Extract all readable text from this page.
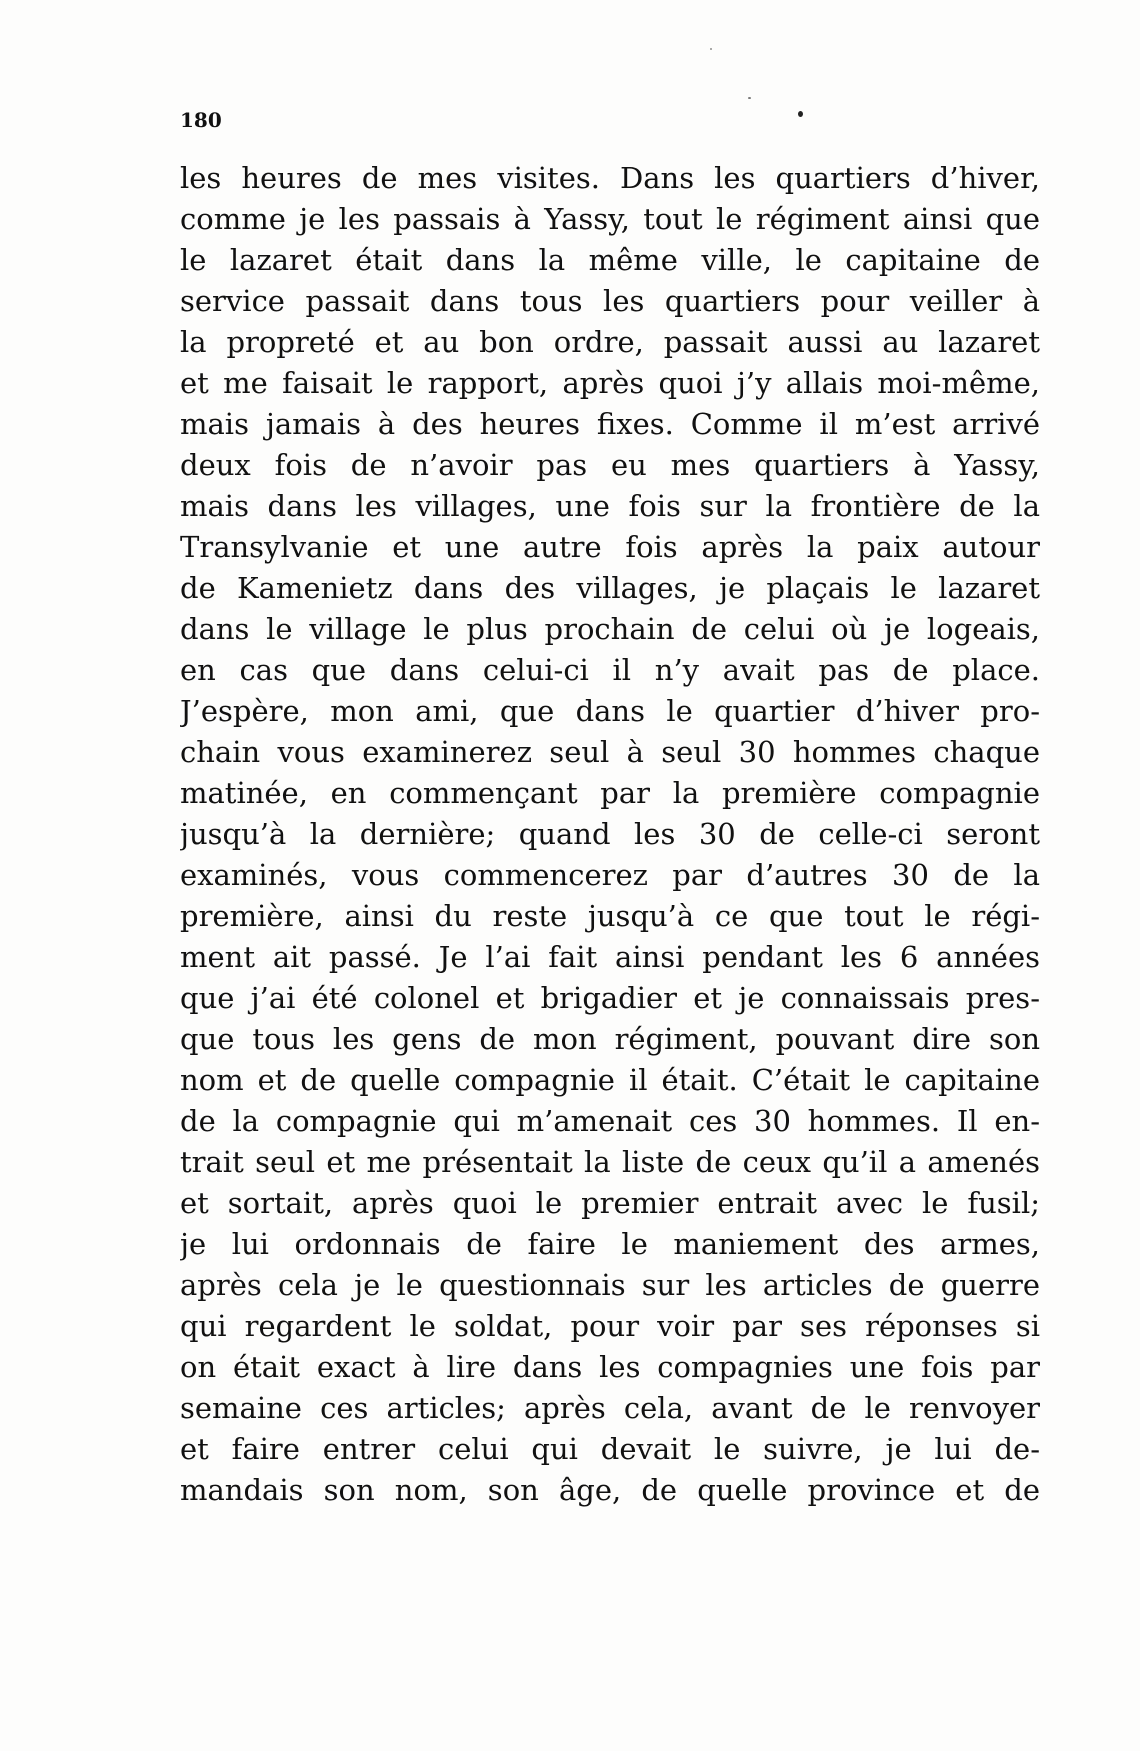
180
les heures de mes visites. Dans les quartiers d’hiver,
comme je les passais à Yassy, tout le régiment ainsi que
le lazaret était dans la même ville, le capitaine de
service passait dans tous les quartiers pour veiller à
la propreté et au bon ordre, passait aussi au lazaret
et me faisait le rapport, après quoi j’y allais moi-même,
mais jamais à des heures fixes. Comme il m’est arrivé
deux fois de n’avoir pas eu mes quartiers à Yassy,
mais dans les villages, une fois sur la frontière de la
Transylvanie et une autre fois après la paix autour
de Kamenietz dans des villages, je plaçais le lazaret
dans le village le plus prochain de celui où je logeais,
en cas que dans celui-ci il n’y avait pas de place.
J’espère, mon ami, que dans le quartier d’hiver pro-
chain vous examinerez seul à seul 30 hommes chaque
matinée, en commençant par la première compagnie
jusqu’à la dernière; quand les 30 de celle-ci seront
examinés, vous commencerez par d’autres 30 de la
première, ainsi du reste jusqu’à ce que tout le régi-
ment ait passé. Je l’ai fait ainsi pendant les 6 années
que j’ai été colonel et brigadier et je connaissais pres-
que tous les gens de mon régiment, pouvant dire son
nom et de quelle compagnie il était. C’était le capitaine
de la compagnie qui m’amenait ces 30 hommes. Il en-
trait seul et me présentait la liste de ceux qu’il a amenés
et sortait, après quoi le premier entrait avec le fusil;
je lui ordonnais de faire le maniement des armes,
après cela je le questionnais sur les articles de guerre
qui regardent le soldat, pour voir par ses réponses si
on était exact à lire dans les compagnies une fois par
semaine ces articles; après cela, avant de le renvoyer
et faire entrer celui qui devait le suivre, je lui de-
mandais son nom, son âge, de quelle province et de
